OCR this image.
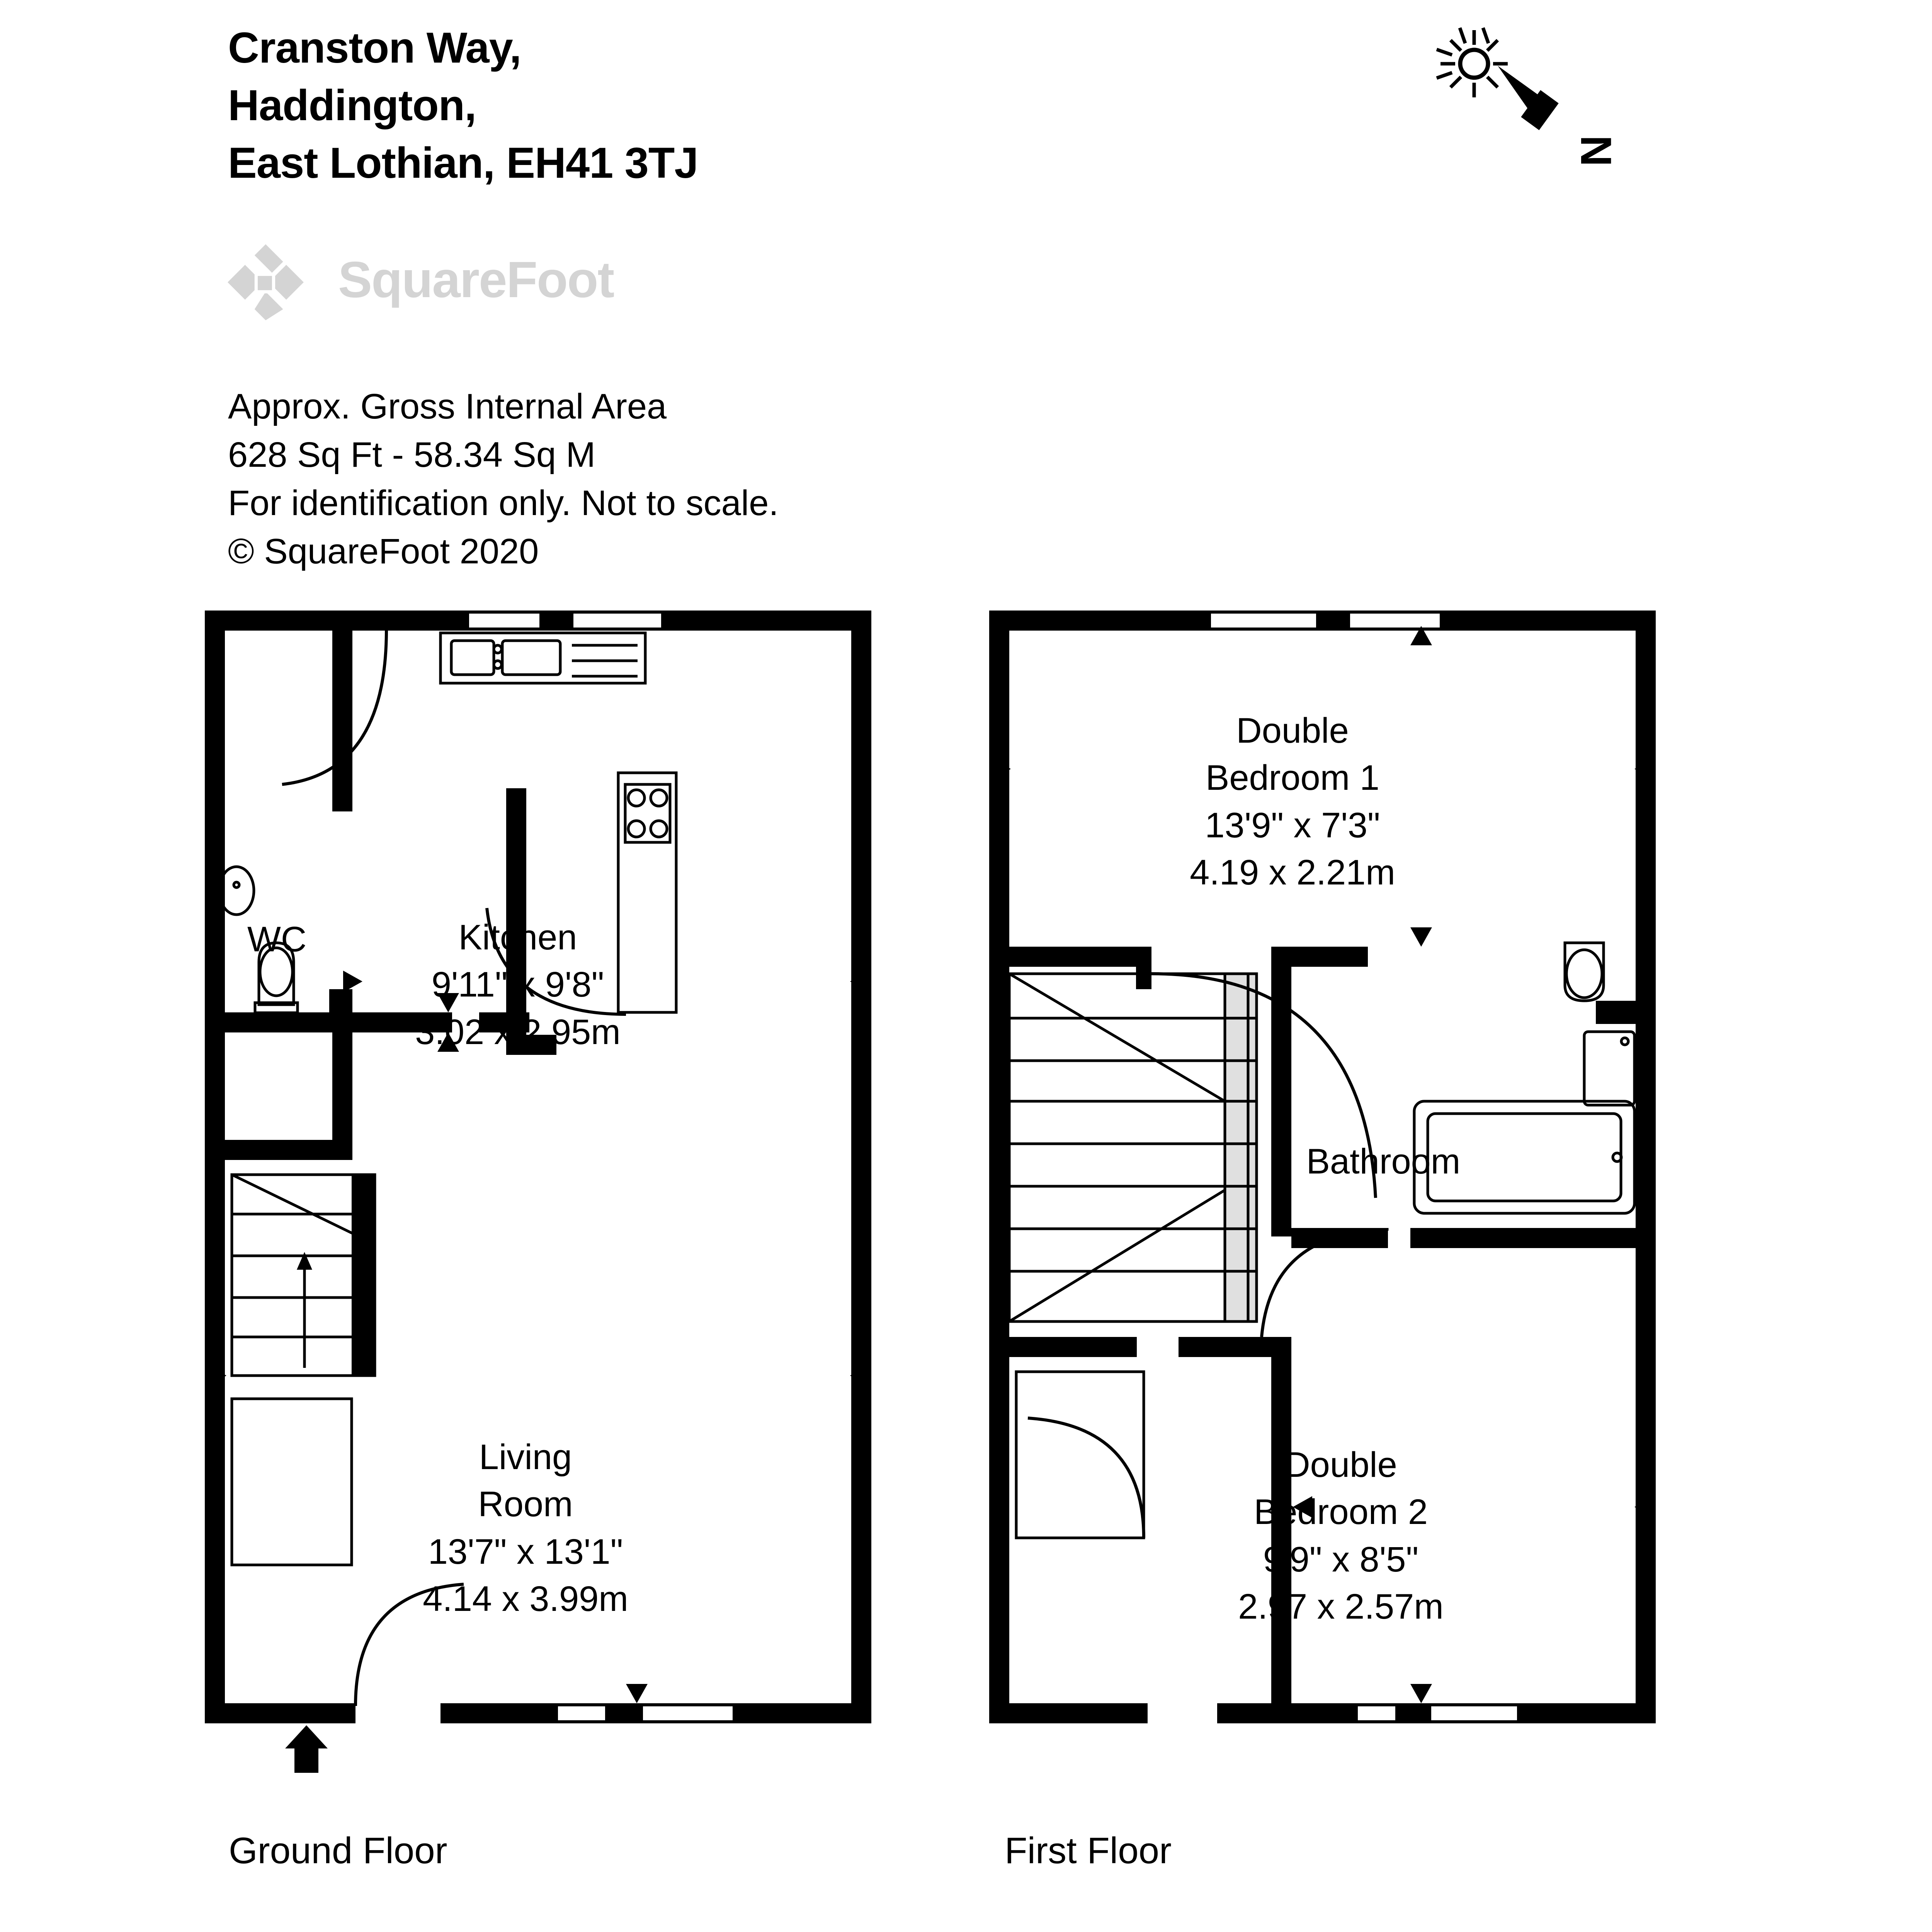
Cranston Way,
Haddington,
East Lothian, EH41 3TJ
SquareFoot
Approx. Gross Internal Area
628 Sq Ft - 58.34 Sq M
For identification only. Not to scale.
© SquareFoot 2020
N
WC	Kitchen
9'11" x 9'8"
3.02 x 2.95m
Living
Room
13'7" x 13'1"
4.14 x 3.99m
Double
Bedroom 1
13'9" x 7'3"
4.19 x 2.21m
Bathroom
Double
Bedroom 2
9'9" x 8'5"
2.97 x 2.57m
Ground Floor	First Floor
